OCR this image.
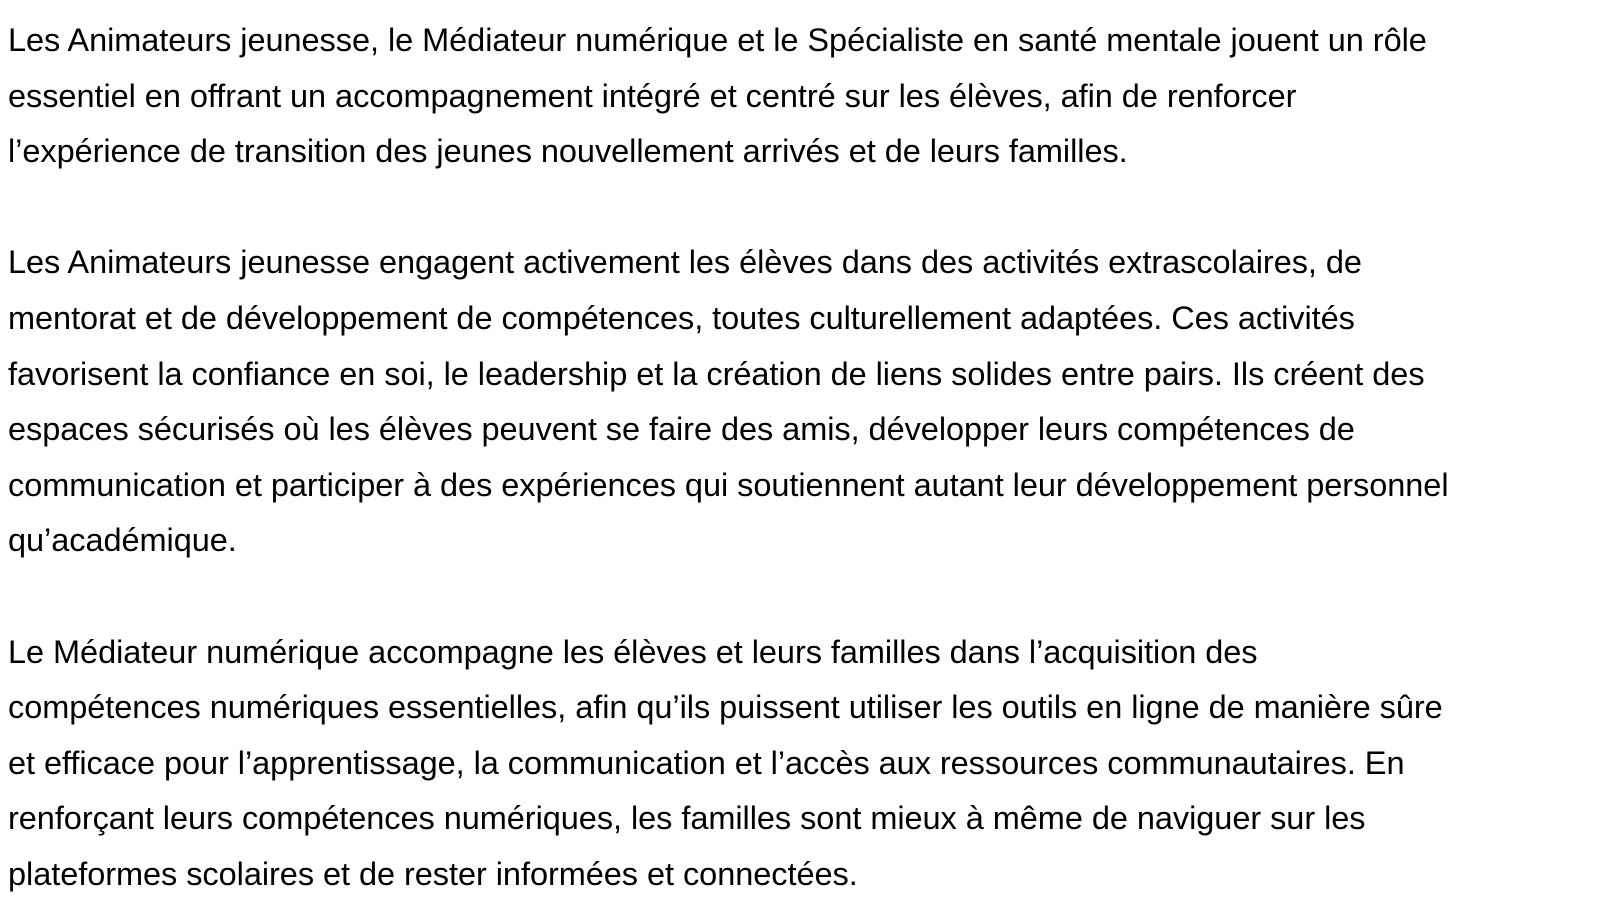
Les Animateurs jeunesse, le Médiateur numérique et le Spécialiste en santé mentale jouent un rôle
essentiel en offrant un accompagnement intégré et centré sur les élèves, afin de renforcer
l’expérience de transition des jeunes nouvellement arrivés et de leurs familles.

Les Animateurs jeunesse engagent activement les élèves dans des activités extrascolaires, de
mentorat et de développement de compétences, toutes culturellement adaptées. Ces activités
favorisent la confiance en soi, le leadership et la création de liens solides entre pairs. Ils créent des
espaces sécurisés où les élèves peuvent se faire des amis, développer leurs compétences de
communication et participer à des expériences qui soutiennent autant leur développement personnel
qu’académique.

Le Médiateur numérique accompagne les élèves et leurs familles dans l’acquisition des
compétences numériques essentielles, afin qu’ils puissent utiliser les outils en ligne de manière sûre
et efficace pour l’apprentissage, la communication et l’accès aux ressources communautaires. En
renforçant leurs compétences numériques, les familles sont mieux à même de naviguer sur les
plateformes scolaires et de rester informées et connectées.
